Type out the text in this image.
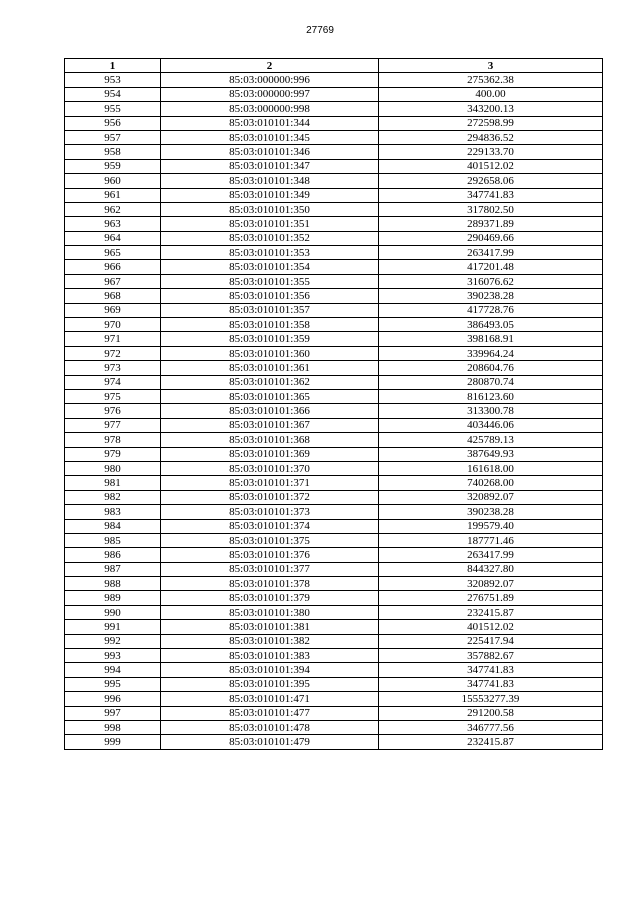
27769
1	2	3
953	85:03:000000:996	275362.38
954	85:03:000000:997	400.00
955	85:03:000000:998	343200.13
956	85:03:010101:344	272598.99
957	85:03:010101:345	294836.52
958	85:03:010101:346	229133.70
959	85:03:010101:347	401512.02
960	85:03:010101:348	292658.06
961	85:03:010101:349	347741.83
962	85:03:010101:350	317802.50
963	85:03:010101:351	289371.89
964	85:03:010101:352	290469.66
965	85:03:010101:353	263417.99
966	85:03:010101:354	417201.48
967	85:03:010101:355	316076.62
968	85:03:010101:356	390238.28
969	85:03:010101:357	417728.76
970	85:03:010101:358	386493.05
971	85:03:010101:359	398168.91
972	85:03:010101:360	339964.24
973	85:03:010101:361	208604.76
974	85:03:010101:362	280870.74
975	85:03:010101:365	816123.60
976	85:03:010101:366	313300.78
977	85:03:010101:367	403446.06
978	85:03:010101:368	425789.13
979	85:03:010101:369	387649.93
980	85:03:010101:370	161618.00
981	85:03:010101:371	740268.00
982	85:03:010101:372	320892.07
983	85:03:010101:373	390238.28
984	85:03:010101:374	199579.40
985	85:03:010101:375	187771.46
986	85:03:010101:376	263417.99
987	85:03:010101:377	844327.80
988	85:03:010101:378	320892.07
989	85:03:010101:379	276751.89
990	85:03:010101:380	232415.87
991	85:03:010101:381	401512.02
992	85:03:010101:382	225417.94
993	85:03:010101:383	357882.67
994	85:03:010101:394	347741.83
995	85:03:010101:395	347741.83
996	85:03:010101:471	15553277.39
997	85:03:010101:477	291200.58
998	85:03:010101:478	346777.56
999	85:03:010101:479	232415.87
